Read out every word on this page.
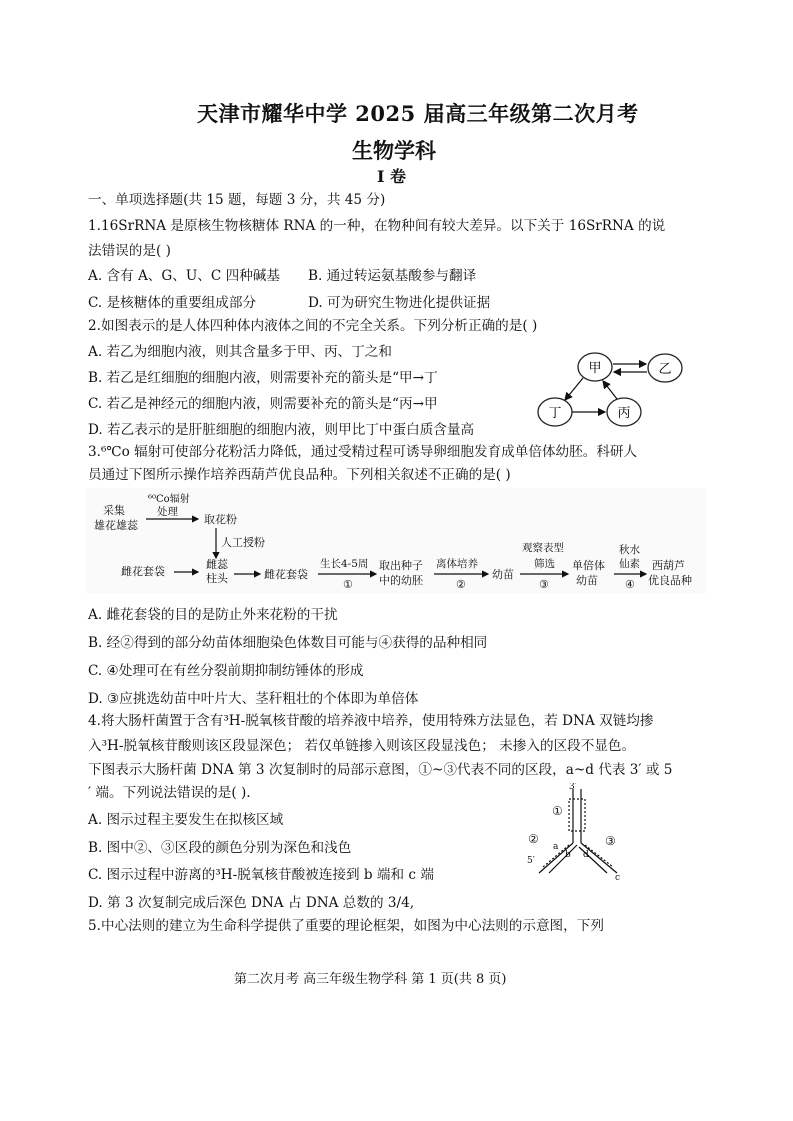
天津市耀华中学 2025 届高三年级第二次月考
生物学科
I 卷
一、单项选择题(共 15 题，每题 3 分，共 45 分)
1.16SrRNA 是原核生物核糖体 RNA 的一种，在物种间有较大差异。以下关于 16SrRNA 的说
法错误的是( )
A. 含有 A、G、U、C 四种碱基 B. 通过转运氨基酸参与翻译
C. 是核糖体的重要组成部分	D. 可为研究生物进化提供证据
2.如图表示的是人体四种体内液体之间的不完全关系。下列分析正确的是( )
A. 若乙为细胞内液，则其含量多于甲、丙、丁之和
B. 若乙是红细胞的细胞内液，则需要补充的箭头是“甲→丁
C. 若乙是神经元的细胞内液，则需要补充的箭头是“丙→甲
D. 若乙表示的是肝脏细胞的细胞内液，则甲比丁中蛋白质含量高
甲	乙
丁	丙
3.⁶℃o 辐射可使部分花粉活力降低，通过受精过程可诱导卵细胞发育成单倍体幼胚。科研人
员通过下图所示操作培养西葫芦优良品种。下列相关叙述不正确的是( )
采集
雄花雄蕊
⁶⁰Co辐射
处理
取花粉
人工授粉
雌花套袋
雌蕊
柱头	雌花套袋
生长4-5周
①
取出种子
中的幼胚
离体培养
②
幼苗
观察表型
筛选
③
单倍体
幼苗
秋水
仙素
④
西葫芦
优良品种
A. 雌花套袋的目的是防止外来花粉的干扰
B. 经②得到的部分幼苗体细胞染色体数目可能与④获得的品种相同
C. ④处理可在有丝分裂前期抑制纺锤体的形成
D. ③应挑选幼苗中叶片大、茎秆粗壮的个体即为单倍体
4.将大肠杆菌置于含有³H-脱氧核苷酸的培养液中培养，使用特殊方法显色，若 DNA 双链均掺
入³H-脱氧核苷酸则该区段显深色； 若仅单链掺入则该区段显浅色； 未掺入的区段不显色。
下图表示大肠杆菌 DNA 第 3 次复制时的局部示意图，①~③代表不同的区段，a~d 代表 3′ 或 5
′ 端。下列说法错误的是( ).
A. 图示过程主要发生在拟核区域
B. 图中②、③区段的颜色分别为深色和浅色
C. 图示过程中游离的³H-脱氧核苷酸被连接到 b 端和 c 端
D. 第 3 次复制完成后深色 DNA 占 DNA 总数的 3/4,
3′
5′
a
b
c
d
①
②	③
5.中心法则的建立为生命科学提供了重要的理论框架，如图为中心法则的示意图，下列
第二次月考 高三年级生物学科 第 1 页(共 8 页)
